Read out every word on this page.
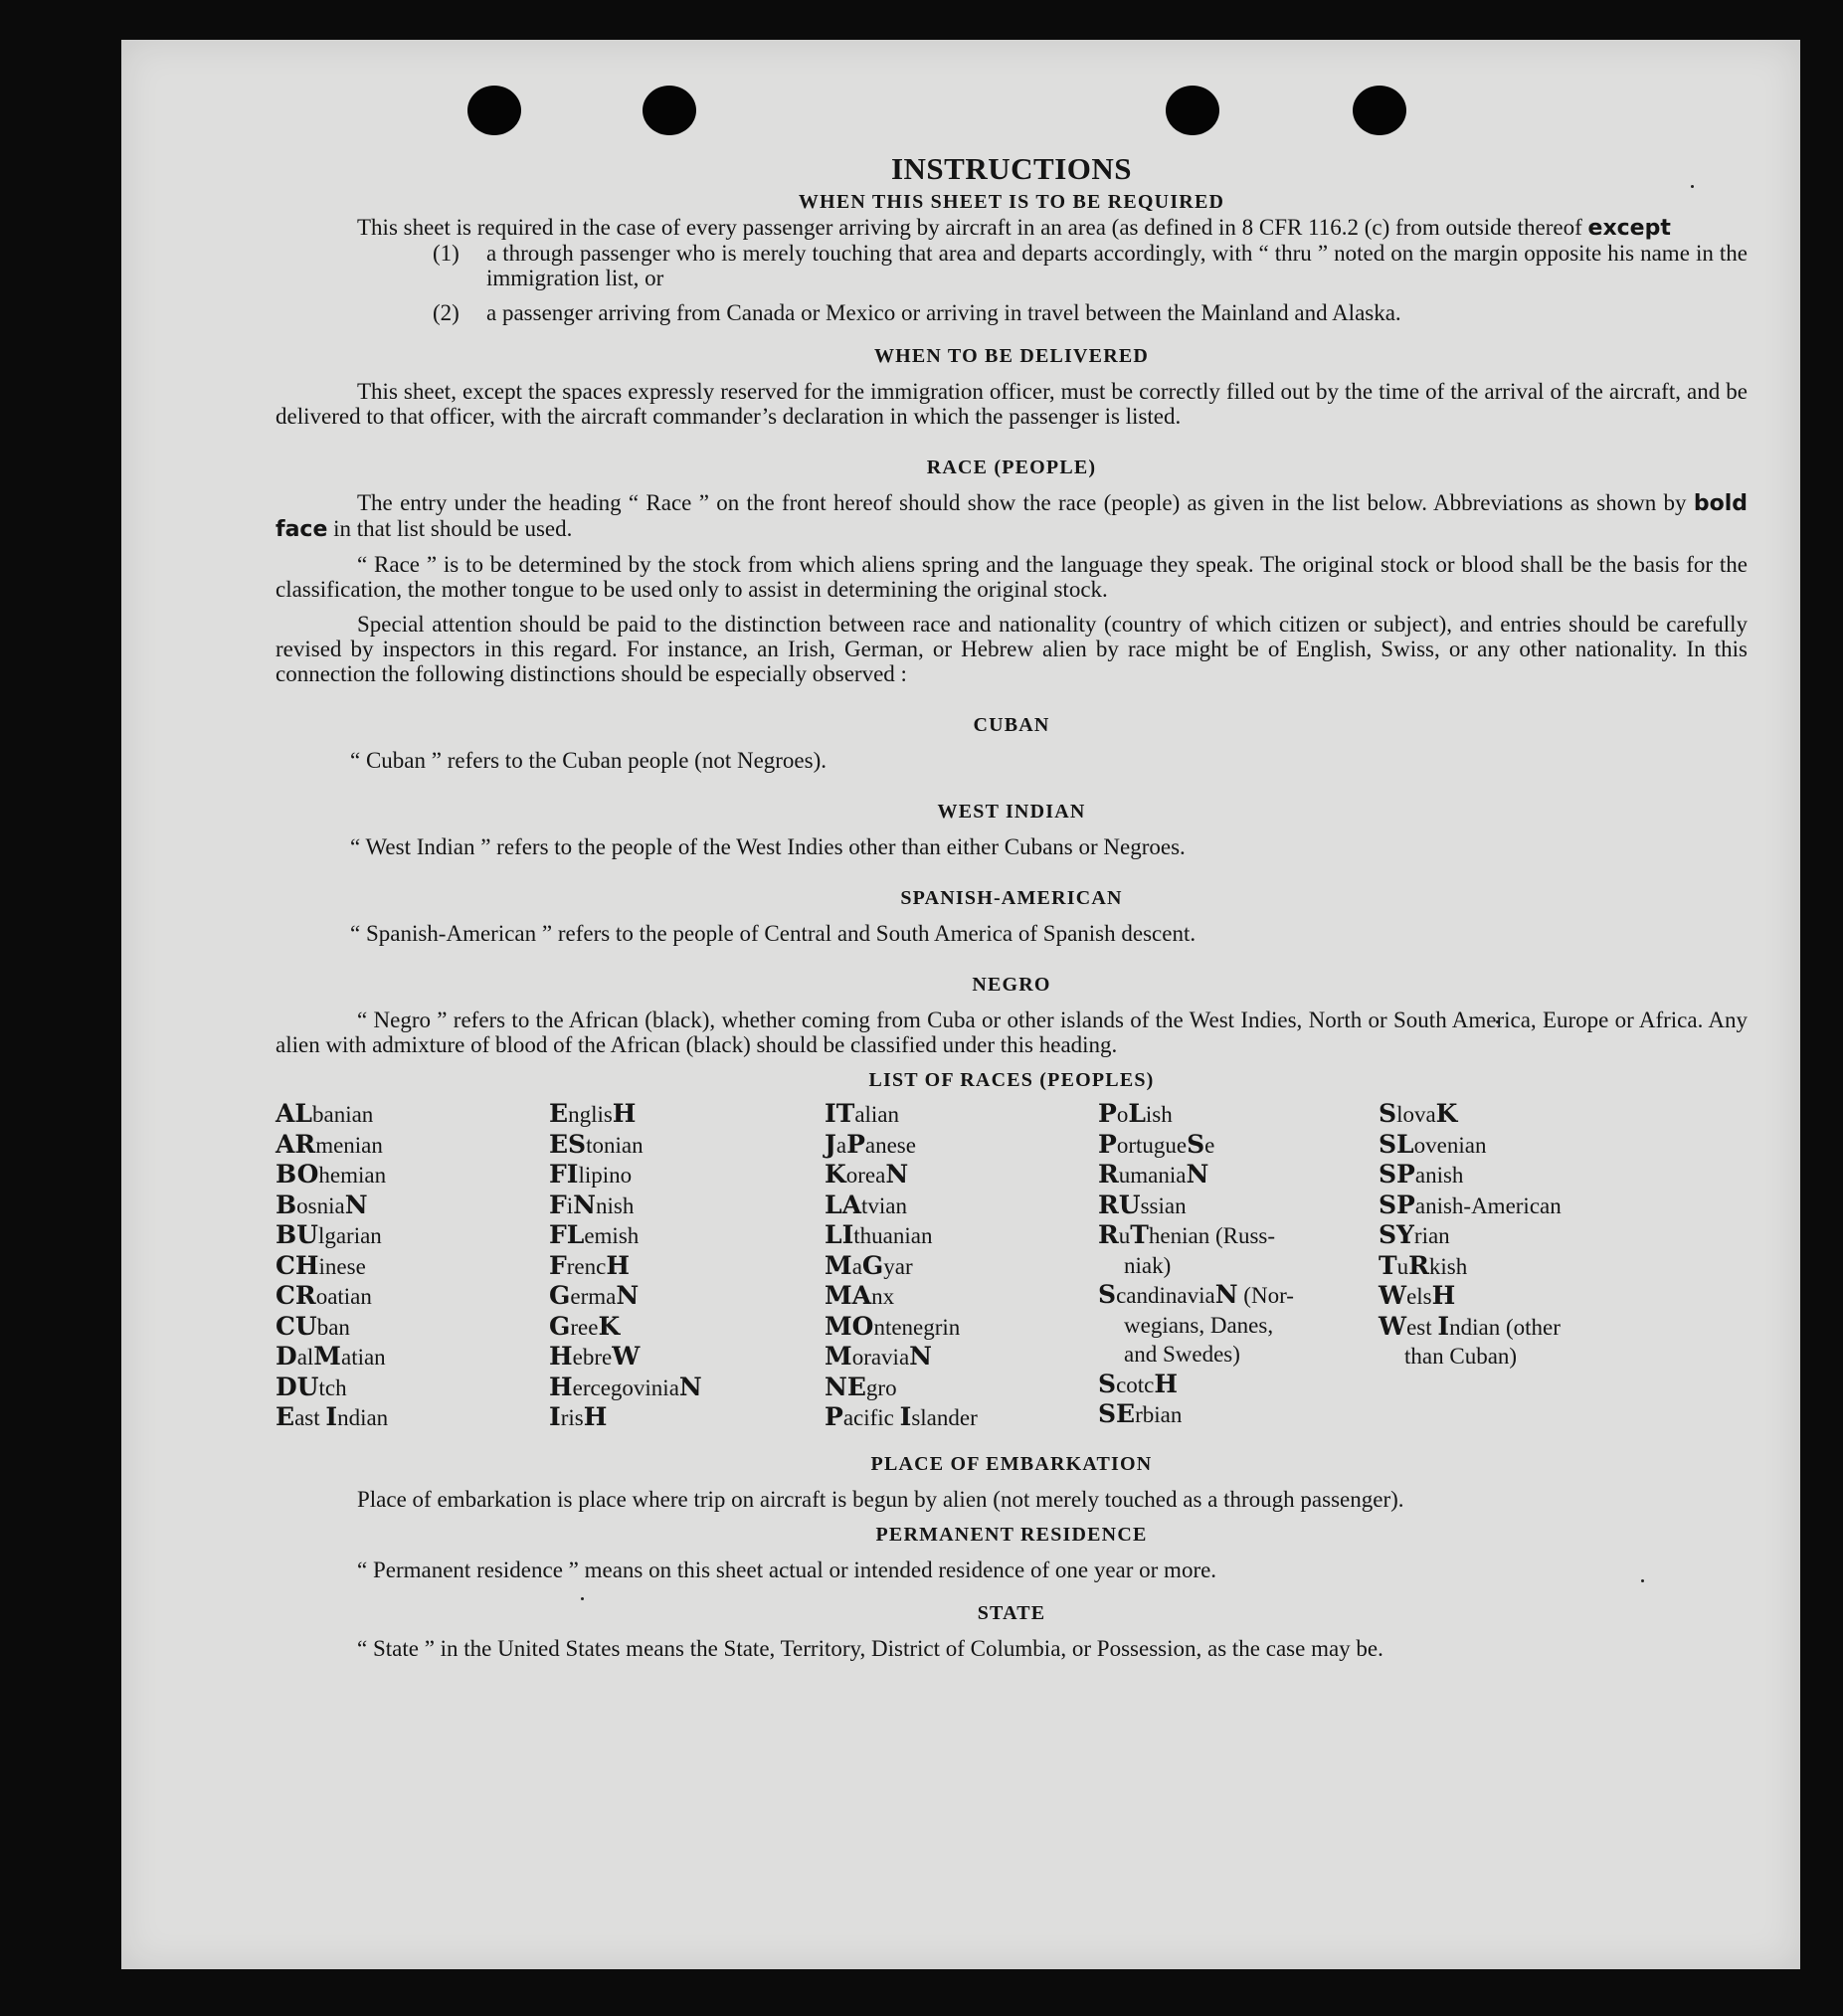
INSTRUCTIONS
WHEN THIS SHEET IS TO BE REQUIRED

This sheet is required in the case of every passenger arriving by aircraft in an area (as defined in 8 CFR 116.2 (c) from outside thereof except

(1)	a through passenger who is merely touching that area and departs accordingly, with “ thru ” noted on the margin opposite his name in the immigration list, or
(2)	a passenger arriving from Canada or Mexico or arriving in travel between the Mainland and Alaska.
WHEN TO BE DELIVERED

This sheet, except the spaces expressly reserved for the immigration officer, must be correctly filled out by the time of the arrival of the aircraft, and be delivered to that officer, with the aircraft commander’s declaration in which the passenger is listed.

RACE (PEOPLE)

The entry under the heading “ Race ” on the front hereof should show the race (people) as given in the list below. Abbreviations as shown by bold face in that list should be used.

“ Race ” is to be determined by the stock from which aliens spring and the language they speak. The original stock or blood shall be the basis for the classification, the mother tongue to be used only to assist in determining the original stock.

Special attention should be paid to the distinction between race and nationality (country of which citizen or subject), and entries should be carefully revised by inspectors in this regard. For instance, an Irish, German, or Hebrew alien by race might be of English, Swiss, or any other nationality. In this connection the following distinctions should be especially observed :

CUBAN

“ Cuban ” refers to the Cuban people (not Negroes).

WEST INDIAN

“ West Indian ” refers to the people of the West Indies other than either Cubans or Negroes.

SPANISH-AMERICAN

“ Spanish-American ” refers to the people of Central and South America of Spanish descent.

NEGRO

“ Negro ” refers to the African (black), whether coming from Cuba or other islands of the West Indies, North or South America, Europe or Africa. Any alien with admixture of blood of the African (black) should be classified under this heading.

LIST OF RACES (PEOPLES)
ALbanian
ARmenian
BOhemian
BosniaN
BUlgarian
CHinese
CRoatian
CUban
DalMatian
DUtch
East Indian
EnglisH
EStonian
FIlipino
FiNnish
FLemish
FrencH
GermaN
GreeK
HebreW
HercegoviniaN
IrisH
ITalian
JaPanese
KoreaN
LAtvian
LIthuanian
MaGyar
MAnx
MOntenegrin
MoraviaN
NEgro
Pacific Islander
PoLish
PortugueSe
RumaniaN
RUssian
RuThenian (Russ-
niak)
ScandinaviaN (Nor-
wegians, Danes,
and Swedes)
ScotcH
SErbian
SlovaK
SLovenian
SPanish
SPanish-American
SYrian
TuRkish
WelsH
West Indian (other
than Cuban)
PLACE OF EMBARKATION

Place of embarkation is place where trip on aircraft is begun by alien (not merely touched as a through passenger).

PERMANENT RESIDENCE

“ Permanent residence ” means on this sheet actual or intended residence of one year or more.

STATE

“ State ” in the United States means the State, Territory, District of Columbia, or Possession, as the case may be.
